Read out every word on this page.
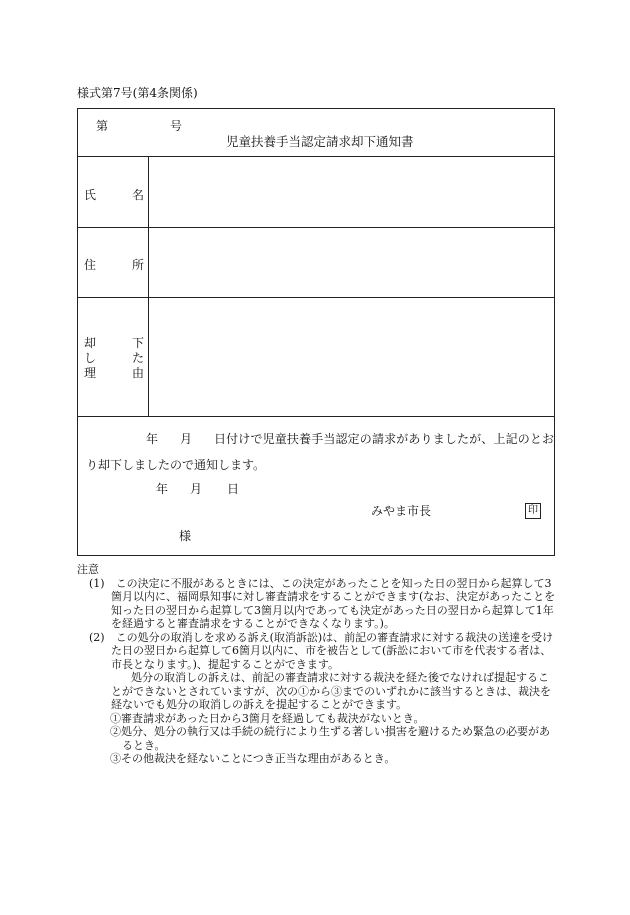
様式第7号(第4条関係)
第	号
児童扶養手当認定請求却下通知書
氏	名
住	所
却	下
し	た
理	由
年 月 日付けで児童扶養手当認定の請求がありましたが、上記のとお
り却下しましたので通知します。
年 月 日
みやま市長	印
様

注意

(1)　 この決定に不服があるときには、この決定があったことを知った日の翌日から起算して3箇月以内に、福岡県知事に対し審査請求をすることができます(なお、決定があったことを知った日の翌日から起算して3箇月以内であっても決定があった日の翌日から起算して1年を経過すると審査請求をすることができなくなります。)。

(2)　 この処分の取消しを求める訴え(取消訴訟)は、前記の審査請求に対する裁決の送達を受けた日の翌日から起算して6箇月以内に、市を被告として(訴訟において市を代表する者は、市長となります。)、提起することができます。

処分の取消しの訴えは、前記の審査請求に対する裁決を経た後でなければ提起することができないとされていますが、次の①から③までのいずれかに該当するときは、裁決を経ないでも処分の取消しの訴えを提起することができます。

①審査請求があった日から3箇月を経過しても裁決がないとき。

②処分、処分の執行又は手続の続行により生ずる著しい損害を避けるため緊急の必要があるとき。

③その他裁決を経ないことにつき正当な理由があるとき。
